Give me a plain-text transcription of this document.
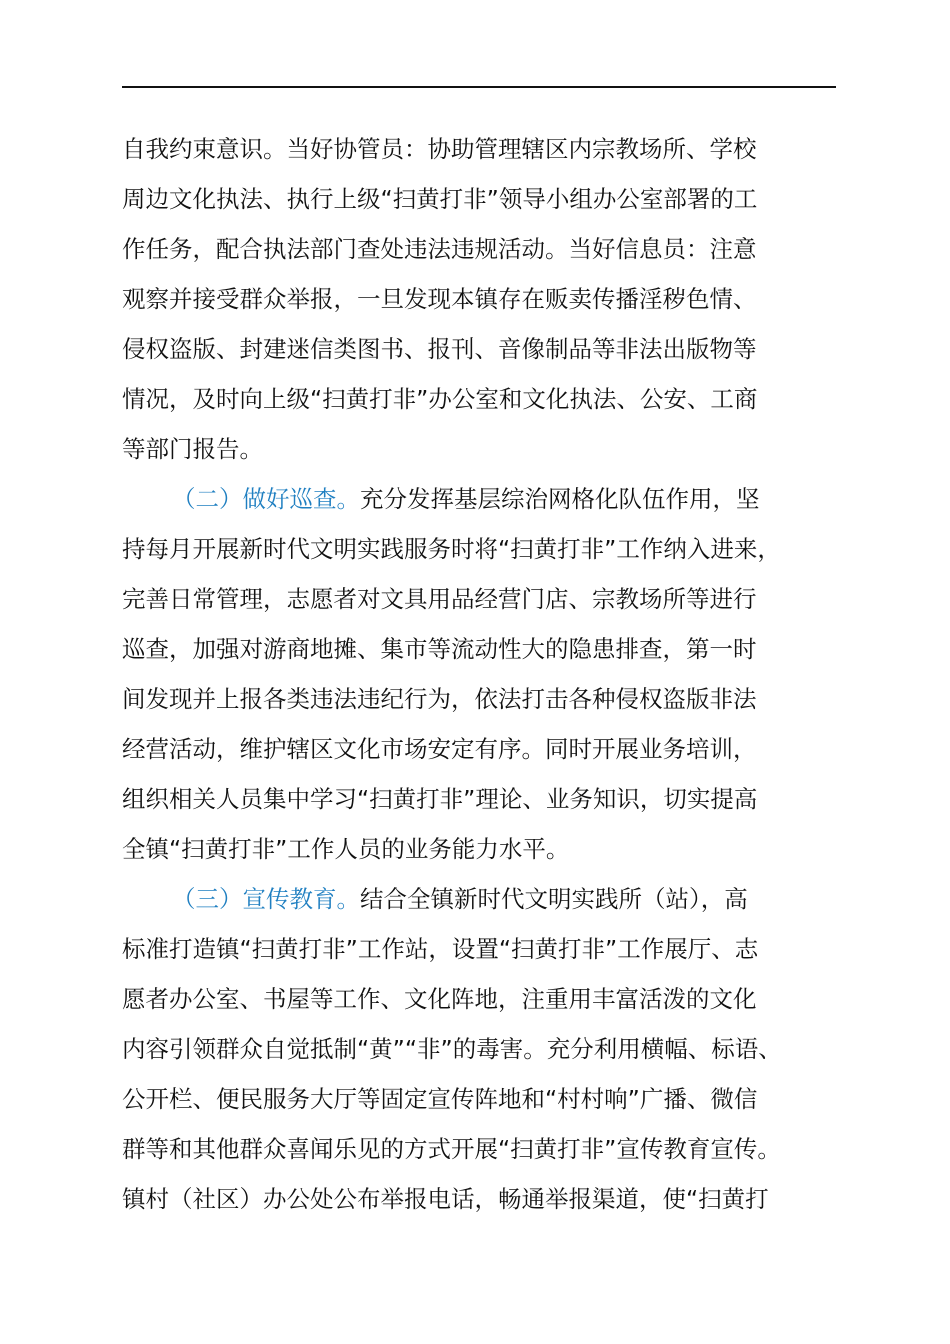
自我约束意识。当好协管员：协助管理辖区内宗教场所、学校
周边文化执法、执行上级“扫黄打非”领导小组办公室部署的工
作任务，配合执法部门查处违法违规活动。当好信息员：注意
观察并接受群众举报，一旦发现本镇存在贩卖传播淫秽色情、
侵权盗版、封建迷信类图书、报刊、音像制品等非法出版物等
情况，及时向上级“扫黄打非”办公室和文化执法、公安、工商
等部门报告。
（二）做好巡查。充分发挥基层综治网格化队伍作用，坚
持每月开展新时代文明实践服务时将“扫黄打非”工作纳入进来，
完善日常管理，志愿者对文具用品经营门店、宗教场所等进行
巡查，加强对游商地摊、集市等流动性大的隐患排查，第一时
间发现并上报各类违法违纪行为，依法打击各种侵权盗版非法
经营活动，维护辖区文化市场安定有序。同时开展业务培训，
组织相关人员集中学习“扫黄打非”理论、业务知识，切实提高
全镇“扫黄打非”工作人员的业务能力水平。
（三）宣传教育。结合全镇新时代文明实践所（站），高
标准打造镇“扫黄打非”工作站，设置“扫黄打非”工作展厅、志
愿者办公室、书屋等工作、文化阵地，注重用丰富活泼的文化
内容引领群众自觉抵制“黄”“非”的毒害。充分利用横幅、标语、
公开栏、便民服务大厅等固定宣传阵地和“村村响”广播、微信
群等和其他群众喜闻乐见的方式开展“扫黄打非”宣传教育宣传。
镇村（社区）办公处公布举报电话，畅通举报渠道，使“扫黄打
